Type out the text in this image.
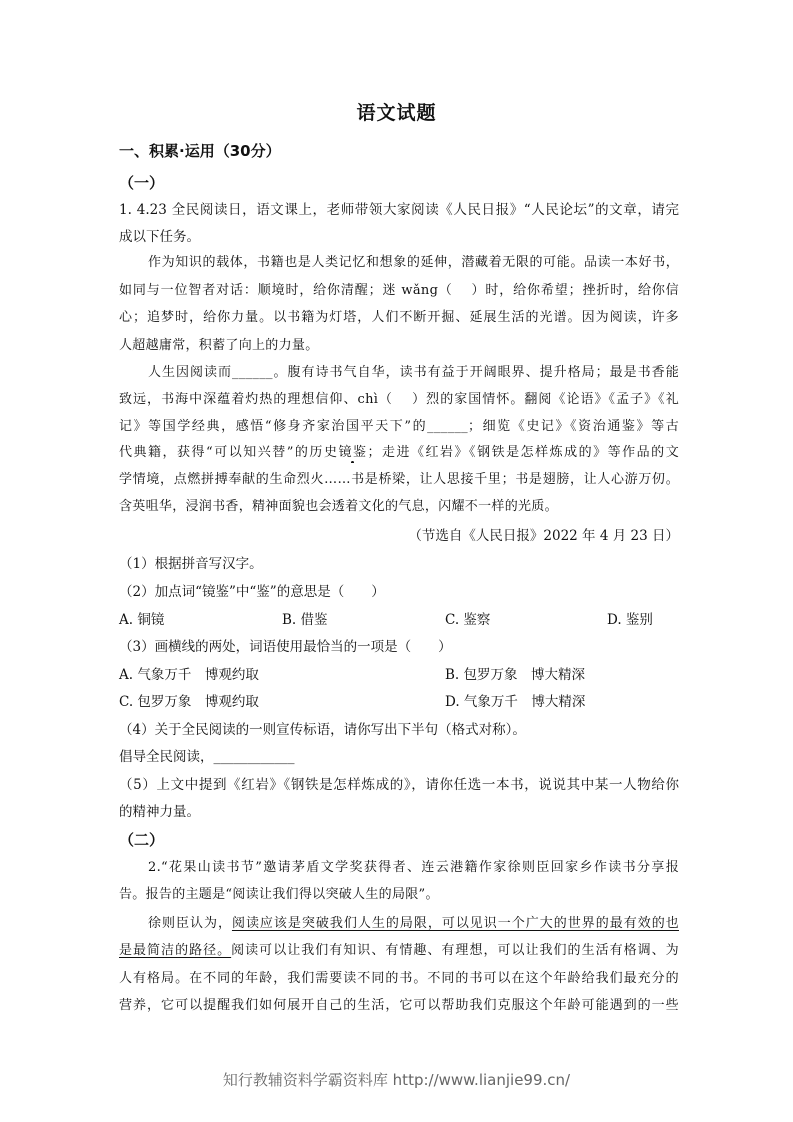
语文试题
一、积累·运用（30分）
（一）
1. 4.23 全民阅读日，语文课上，老师带领大家阅读《人民日报》“人民论坛”的文章，请完
成以下任务。
作为知识的载体，书籍也是人类记忆和想象的延伸，潜藏着无限的可能。品读一本好书，
如同与一位智者对话：顺境时，给你清醒；迷 wǎng（　 ）时，给你希望；挫折时，给你信
心；追梦时，给你力量。以书籍为灯塔，人们不断开掘、延展生活的光谱。因为阅读，许多
人超越庸常，积蓄了向上的力量。
人生因阅读而______。腹有诗书气自华，读书有益于开阔眼界、提升格局；最是书香能
致远，书海中深蕴着灼热的理想信仰、chì（　 ）烈的家国情怀。翻阅《论语》《孟子》《礼
记》等国学经典，感悟“修身齐家治国平天下”的______；细览《史记》《资治通鉴》等古
代典籍，获得“可以知兴替”的历史镜鉴；走进《红岩》《钢铁是怎样炼成的》等作品的文
学情境，点燃拼搏奉献的生命烈火……书是桥梁，让人思接千里；书是翅膀，让人心游万仞。
含英咀华，浸润书香，精神面貌也会透着文化的气息，闪耀不一样的光质。
（节选自《人民日报》2022 年 4 月 23 日）
（1）根据拼音写汉字。
（2）加点词“镜鉴”中“鉴”的意思是（　　）
A. 铜镜	B. 借鉴	C. 鉴察	D. 鉴别
（3）画横线的两处，词语使用最恰当的一项是（　　）
A. 气象万千　博观约取	B. 包罗万象　博大精深
C. 包罗万象　博观约取	D. 气象万千　博大精深
（4）关于全民阅读的一则宣传标语，请你写出下半句（格式对称）。
倡导全民阅读，____________
（5）上文中提到《红岩》《钢铁是怎样炼成的》，请你任选一本书，说说其中某一人物给你
的精神力量。
（二）
2.“花果山读书节”邀请茅盾文学奖获得者、连云港籍作家徐则臣回家乡作读书分享报
告。报告的主题是“阅读让我们得以突破人生的局限”。
徐则臣认为，阅读应该是突破我们人生的局限，可以见识一个广大的世界的最有效的也
是最简洁的路径。阅读可以让我们有知识、有情趣、有理想，可以让我们的生活有格调、为
人有格局。在不同的年龄，我们需要读不同的书。不同的书可以在这个年龄给我们最充分的
营养，它可以提醒我们如何展开自己的生活，它可以帮助我们克服这个年龄可能遇到的一些
知行教辅资料学霸资料库 http://www.lianjie99.cn/
